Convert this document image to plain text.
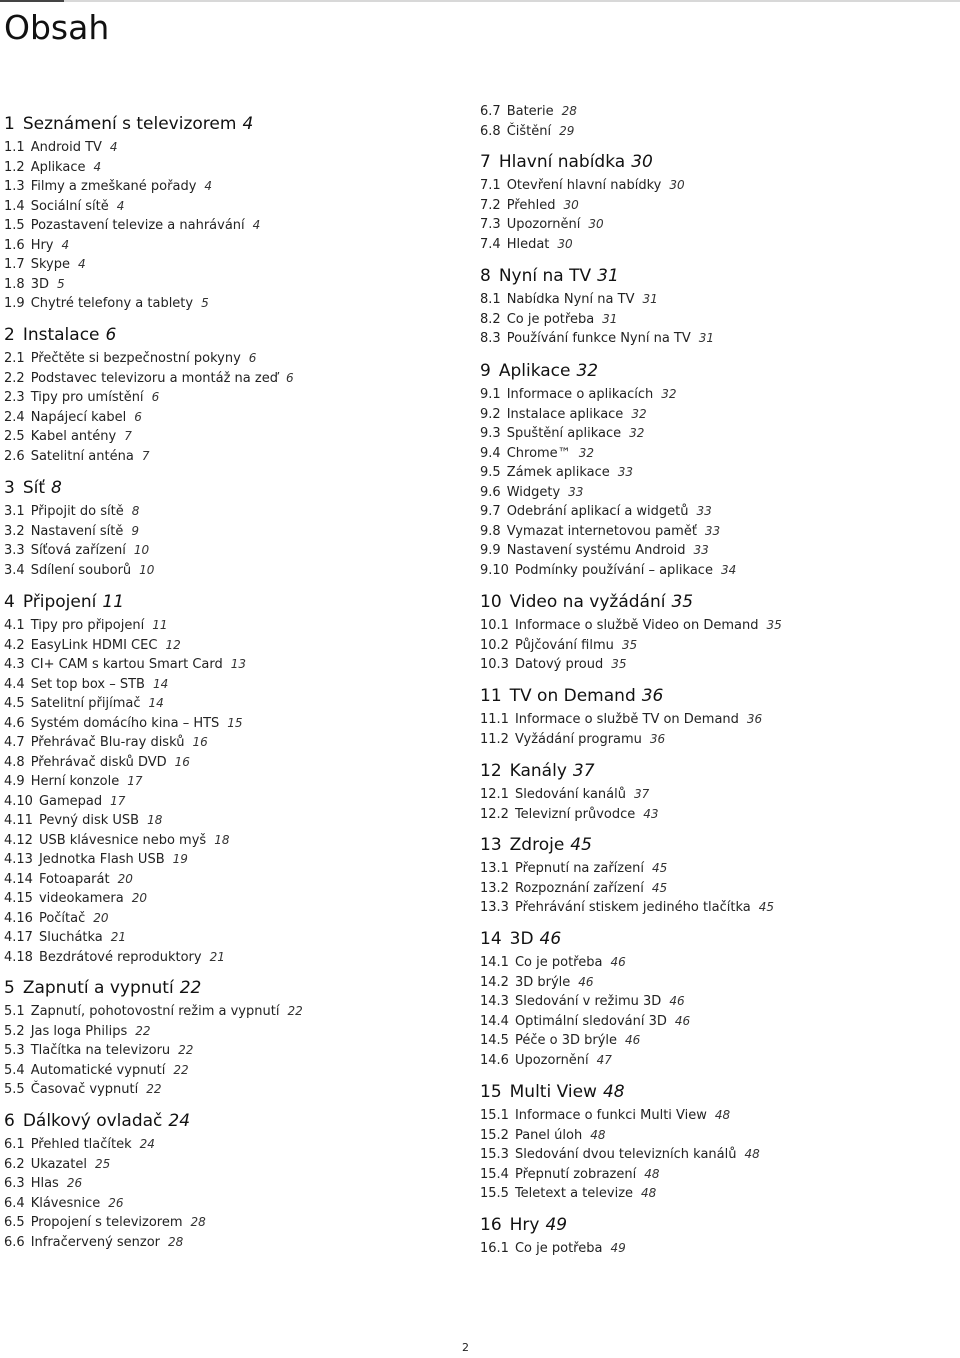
Obsah
1 Seznámení s televizorem 4
1.1 Android TV 4
1.2 Aplikace 4
1.3 Filmy a zmeškané pořady 4
1.4 Sociální sítě 4
1.5 Pozastavení televize a nahrávání 4
1.6 Hry 4
1.7 Skype 4
1.8 3D 5
1.9 Chytré telefony a tablety 5
2 Instalace 6
2.1 Přečtěte si bezpečnostní pokyny 6
2.2 Podstavec televizoru a montáž na zeď 6
2.3 Tipy pro umístění 6
2.4 Napájecí kabel 6
2.5 Kabel antény 7
2.6 Satelitní anténa 7
3 Síť 8
3.1 Připojit do sítě 8
3.2 Nastavení sítě 9
3.3 Síťová zařízení 10
3.4 Sdílení souborů 10
4 Připojení 11
4.1 Tipy pro připojení 11
4.2 EasyLink HDMI CEC 12
4.3 CI+ CAM s kartou Smart Card 13
4.4 Set top box – STB 14
4.5 Satelitní přijímač 14
4.6 Systém domácího kina – HTS 15
4.7 Přehrávač Blu-ray disků 16
4.8 Přehrávač disků DVD 16
4.9 Herní konzole 17
4.10 Gamepad 17
4.11 Pevný disk USB 18
4.12 USB klávesnice nebo myš 18
4.13 Jednotka Flash USB 19
4.14 Fotoaparát 20
4.15 videokamera 20
4.16 Počítač 20
4.17 Sluchátka 21
4.18 Bezdrátové reproduktory 21
5 Zapnutí a vypnutí 22
5.1 Zapnutí, pohotovostní režim a vypnutí 22
5.2 Jas loga Philips 22
5.3 Tlačítka na televizoru 22
5.4 Automatické vypnutí 22
5.5 Časovač vypnutí 22
6 Dálkový ovladač 24
6.1 Přehled tlačítek 24
6.2 Ukazatel 25
6.3 Hlas 26
6.4 Klávesnice 26
6.5 Propojení s televizorem 28
6.6 Infračervený senzor 28
6.7 Baterie 28
6.8 Čištění 29
7 Hlavní nabídka 30
7.1 Otevření hlavní nabídky 30
7.2 Přehled 30
7.3 Upozornění 30
7.4 Hledat 30
8 Nyní na TV 31
8.1 Nabídka Nyní na TV 31
8.2 Co je potřeba 31
8.3 Používání funkce Nyní na TV 31
9 Aplikace 32
9.1 Informace o aplikacích 32
9.2 Instalace aplikace 32
9.3 Spuštění aplikace 32
9.4 Chrome™ 32
9.5 Zámek aplikace 33
9.6 Widgety 33
9.7 Odebrání aplikací a widgetů 33
9.8 Vymazat internetovou paměť 33
9.9 Nastavení systému Android 33
9.10 Podmínky používání – aplikace 34
10 Video na vyžádání 35
10.1 Informace o službě Video on Demand 35
10.2 Půjčování filmu 35
10.3 Datový proud 35
11 TV on Demand 36
11.1 Informace o službě TV on Demand 36
11.2 Vyžádání programu 36
12 Kanály 37
12.1 Sledování kanálů 37
12.2 Televizní průvodce 43
13 Zdroje 45
13.1 Přepnutí na zařízení 45
13.2 Rozpoznání zařízení 45
13.3 Přehrávání stiskem jediného tlačítka 45
14 3D 46
14.1 Co je potřeba 46
14.2 3D brýle 46
14.3 Sledování v režimu 3D 46
14.4 Optimální sledování 3D 46
14.5 Péče o 3D brýle 46
14.6 Upozornění 47
15 Multi View 48
15.1 Informace o funkci Multi View 48
15.2 Panel úloh 48
15.3 Sledování dvou televizních kanálů 48
15.4 Přepnutí zobrazení 48
15.5 Teletext a televize 48
16 Hry 49
16.1 Co je potřeba 49
2
